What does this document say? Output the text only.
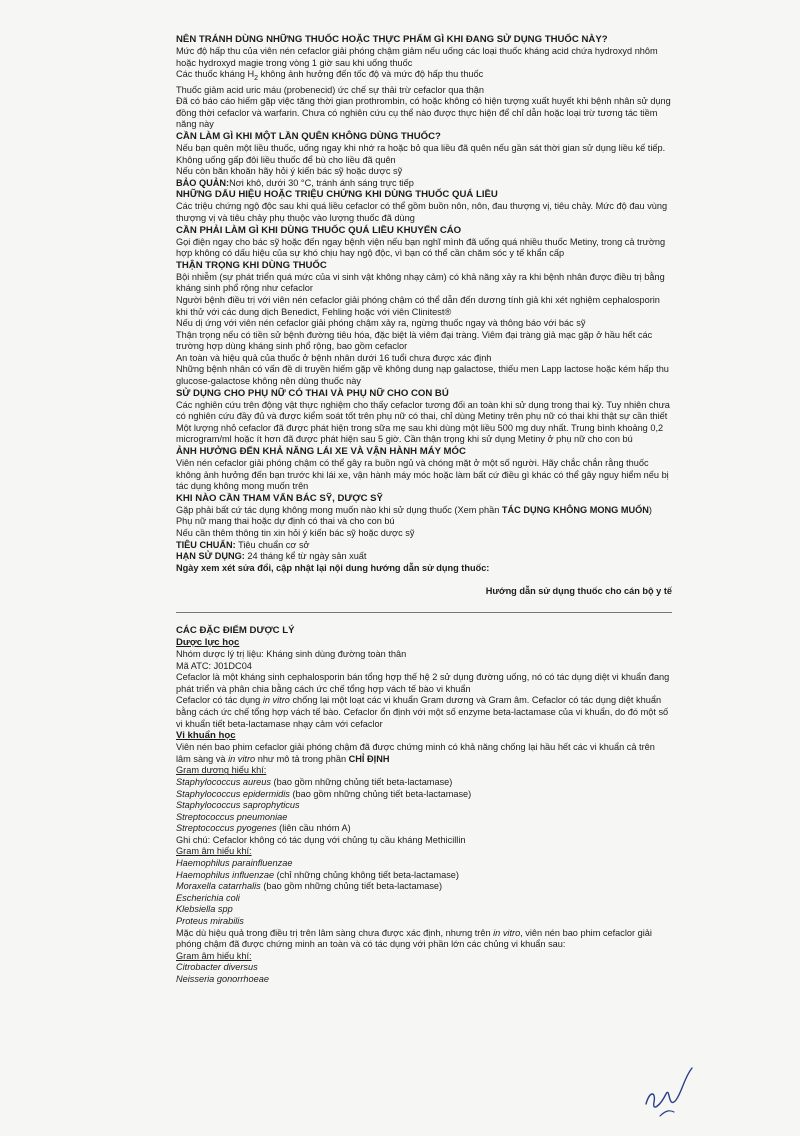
NÊN TRÁNH DÙNG NHỮNG THUỐC HOẶC THỰC PHẨM GÌ KHI ĐANG SỬ DỤNG THUỐC NÀY?

Mức độ hấp thu của viên nén cefaclor giải phóng chậm giảm nếu uống các loại thuốc kháng acid chứa hydroxyd nhôm hoặc hydroxyd magie trong vòng 1 giờ sau khi uống thuốc

Các thuốc kháng $H_2$ không ảnh hưởng đến tốc độ và mức độ hấp thu thuốc

Thuốc giảm acid uric máu (probenecid) ức chế sự thải trừ cefaclor qua thận

Đã có báo cáo hiếm gặp việc tăng thời gian prothrombin, có hoặc không có hiện tượng xuất huyết khi bệnh nhân sử dụng đồng thời cefaclor và warfarin. Chưa có nghiên cứu cụ thể nào được thực hiện để chỉ dẫn hoặc loại trừ tương tác tiềm năng này

CẦN LÀM GÌ KHI MỘT LẦN QUÊN KHÔNG DÙNG THUỐC?

Nếu bạn quên một liều thuốc, uống ngay khi nhớ ra hoặc bỏ qua liều đã quên nếu gần sát thời gian sử dụng liều kế tiếp. Không uống gấp đôi liều thuốc để bù cho liều đã quên

Nếu còn băn khoăn hãy hỏi ý kiến bác sỹ hoặc dược sỹ

BẢO QUẢN:Nơi khô, dưới 30 °C, tránh ánh sáng trực tiếp

NHỮNG DẤU HIỆU HOẶC TRIỆU CHỨNG KHI DÙNG THUỐC QUÁ LIỀU

Các triệu chứng ngộ độc sau khi quá liều cefaclor có thể gồm buồn nôn, nôn, đau thượng vị, tiêu chảy. Mức độ đau vùng thượng vị và tiêu chảy phụ thuộc vào lượng thuốc đã dùng

CẦN PHẢI LÀM GÌ KHI DÙNG THUỐC QUÁ LIỀU KHUYẾN CÁO

Gọi điện ngay cho bác sỹ hoặc đến ngay bệnh viện nếu bạn nghĩ mình đã uống quá nhiều thuốc Metiny, trong cả trường hợp không có dấu hiệu của sự khó chịu hay ngộ độc, vì bạn có thể cần chăm sóc y tế khẩn cấp

THẬN TRỌNG KHI DÙNG THUỐC

Bội nhiễm (sự phát triển quá mức của vi sinh vật không nhạy cảm) có khả năng xảy ra khi bệnh nhân được điều trị bằng kháng sinh phổ rộng như cefaclor

Người bệnh điều trị với viên nén cefaclor giải phóng chậm có thể dẫn đến dương tính giả khi xét nghiệm cephalosporin khi thử với các dung dịch Benedict, Fehling hoặc với viên Clinitest®

Nếu dị ứng với viên nén cefaclor giải phóng chậm xảy ra, ngừng thuốc ngay và thông báo với bác sỹ

Thận trọng nếu có tiền sử bệnh đường tiêu hóa, đặc biệt là viêm đại tràng. Viêm đại tràng giả mạc gặp ở hầu hết các trường hợp dùng kháng sinh phổ rộng, bao gồm cefaclor

An toàn và hiệu quả của thuốc ở bệnh nhân dưới 16 tuổi chưa được xác định

Những bệnh nhân có vấn đề di truyền hiếm gặp về không dung nạp galactose, thiếu men Lapp lactose hoặc kém hấp thu glucose-galactose không nên dùng thuốc này

SỬ DỤNG CHO PHỤ NỮ CÓ THAI VÀ PHỤ NỮ CHO CON BÚ

Các nghiên cứu trên động vật thực nghiệm cho thấy cefaclor tương đối an toàn khi sử dụng trong thai kỳ. Tuy nhiên chưa có nghiên cứu đầy đủ và được kiểm soát tốt trên phụ nữ có thai, chỉ dùng Metiny trên phụ nữ có thai khi thật sự cần thiết

Một lượng nhỏ cefaclor đã được phát hiện trong sữa mẹ sau khi dùng một liều 500 mg duy nhất. Trung bình khoảng 0,2 microgram/ml hoặc ít hơn đã được phát hiện sau 5 giờ. Cần thận trọng khi sử dụng Metiny ở phụ nữ cho con bú

ẢNH HƯỞNG ĐẾN KHẢ NĂNG LÁI XE VÀ VẬN HÀNH MÁY MÓC

Viên nén cefaclor giải phóng chậm có thể gây ra buồn ngủ và chóng mặt ở một số người. Hãy chắc chắn rằng thuốc không ảnh hưởng đến bạn trước khi lái xe, vận hành máy móc hoặc làm bất cứ điều gì khác có thể gây nguy hiểm nếu bị tác dụng không mong muốn trên

KHI NÀO CẦN THAM VẤN BÁC SỸ, DƯỢC SỸ

Gặp phải bất cứ tác dụng không mong muốn nào khi sử dụng thuốc (Xem phần TÁC DỤNG KHÔNG MONG MUỐN)

Phụ nữ mang thai hoặc dự định có thai và cho con bú

Nếu cần thêm thông tin xin hỏi ý kiến bác sỹ hoặc dược sỹ

TIÊU CHUẨN: Tiêu chuẩn cơ sở

HẠN SỬ DỤNG: 24 tháng kể từ ngày sản xuất

Ngày xem xét sửa đổi, cập nhật lại nội dung hướng dẫn sử dụng thuốc:

Hướng dẫn sử dụng thuốc cho cán bộ y tế
CÁC ĐẶC ĐIỂM DƯỢC LÝ
Dược lực học

Nhóm dược lý trị liệu: Kháng sinh dùng đường toàn thân

Mã ATC: J01DC04

Cefaclor là một kháng sinh cephalosporin bán tổng hợp thế hệ 2 sử dụng đường uống, nó có tác dụng diệt vi khuẩn đang phát triển và phân chia bằng cách ức chế tổng hợp vách tế bào vi khuẩn

Cefaclor có tác dụng in vitro chống lại một loạt các vi khuẩn Gram dương và Gram âm. Cefaclor có tác dụng diệt khuẩn bằng cách ức chế tổng hợp vách tế bào. Cefaclor ổn định với một số enzyme beta-lactamase của vi khuẩn, do đó một số vi khuẩn tiết beta-lactamase nhạy cảm với cefaclor

Vi khuẩn học

Viên nén bao phim cefaclor giải phóng chậm đã được chứng minh có khả năng chống lại hầu hết các vi khuẩn cả trên lâm sàng và in vitro như mô tả trong phần CHỈ ĐỊNH

Gram dương hiếu khí:

Staphylococcus aureus (bao gồm những chủng tiết beta-lactamase)

Staphylococcus epidermidis (bao gồm những chủng tiết beta-lactamase)

Staphylococcus saprophyticus

Streptococcus pneumoniae

Streptococcus pyogenes (liên cầu nhóm A)

Ghi chú: Cefaclor không có tác dụng với chủng tụ cầu kháng Methicillin

Gram âm hiếu khí:

Haemophilus parainfluenzae

Haemophilus influenzae (chỉ những chủng không tiết beta-lactamase)

Moraxella catarrhalis (bao gồm những chủng tiết beta-lactamase)

Escherichia coli

Klebsiella spp

Proteus mirabilis

Mặc dù hiệu quả trong điều trị trên lâm sàng chưa được xác định, nhưng trên in vitro, viên nén bao phim cefaclor giải phóng chậm đã được chứng minh an toàn và có tác dụng với phần lớn các chủng vi khuẩn sau:

Gram âm hiếu khí:

Citrobacter diversus

Neisseria gonorrhoeae
